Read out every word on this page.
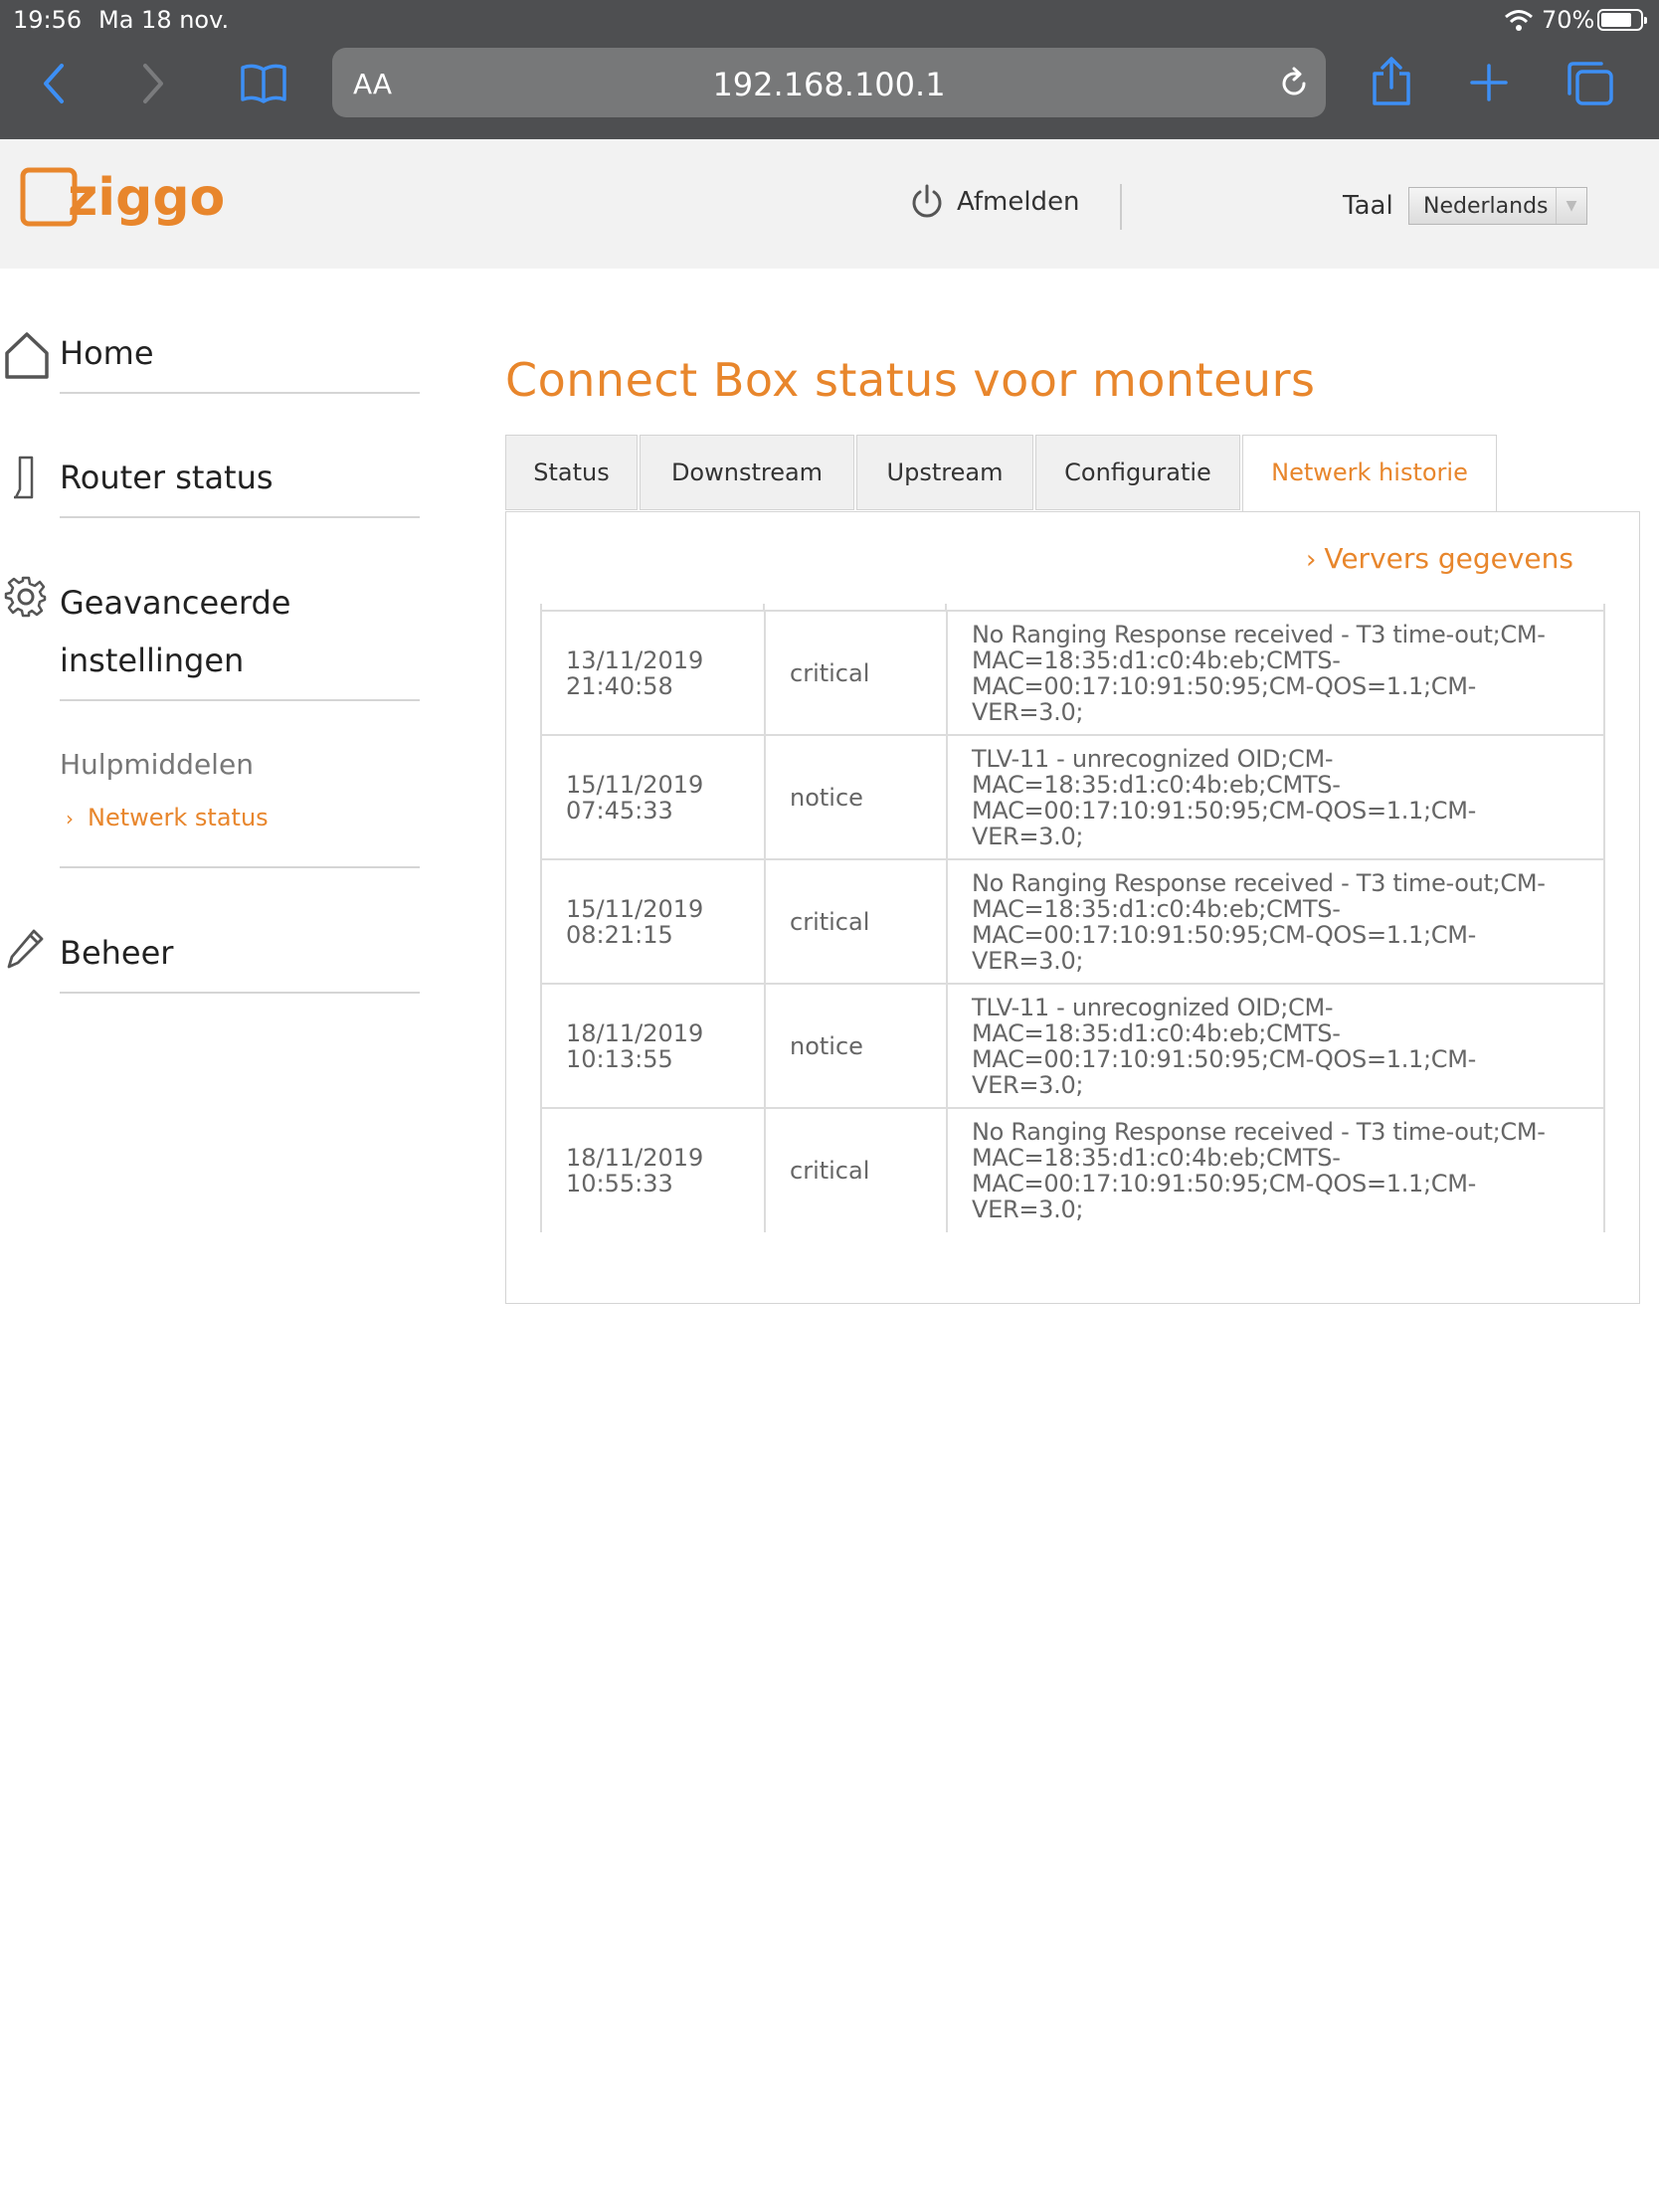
19:56 Ma 18 nov.	70%
AA	192.168.100.1
ziggo	Afmelden	Taal Nederlands	▼
Home
Router status
Geavanceerde
instellingen
Hulpmiddelen
› Netwerk status
Beheer
Connect Box status voor monteurs
Status	Downstream	Upstream	Configuratie	Netwerk historie
› Ververs gegevens
13/11/2019 21:40:58	critical	No Ranging Response received - T3 time-out;CM-MAC=18:35:d1:c0:4b:eb;CMTS-MAC=00:17:10:91:50:95;CM-QOS=1.1;CM-VER=3.0;
15/11/2019 07:45:33	notice	TLV-11 - unrecognized OID;CM-MAC=18:35:d1:c0:4b:eb;CMTS-MAC=00:17:10:91:50:95;CM-QOS=1.1;CM-VER=3.0;
15/11/2019 08:21:15	critical	No Ranging Response received - T3 time-out;CM-MAC=18:35:d1:c0:4b:eb;CMTS-MAC=00:17:10:91:50:95;CM-QOS=1.1;CM-VER=3.0;
18/11/2019 10:13:55	notice	TLV-11 - unrecognized OID;CM-MAC=18:35:d1:c0:4b:eb;CMTS-MAC=00:17:10:91:50:95;CM-QOS=1.1;CM-VER=3.0;
18/11/2019 10:55:33	critical	No Ranging Response received - T3 time-out;CM-MAC=18:35:d1:c0:4b:eb;CMTS-MAC=00:17:10:91:50:95;CM-QOS=1.1;CM-VER=3.0;
